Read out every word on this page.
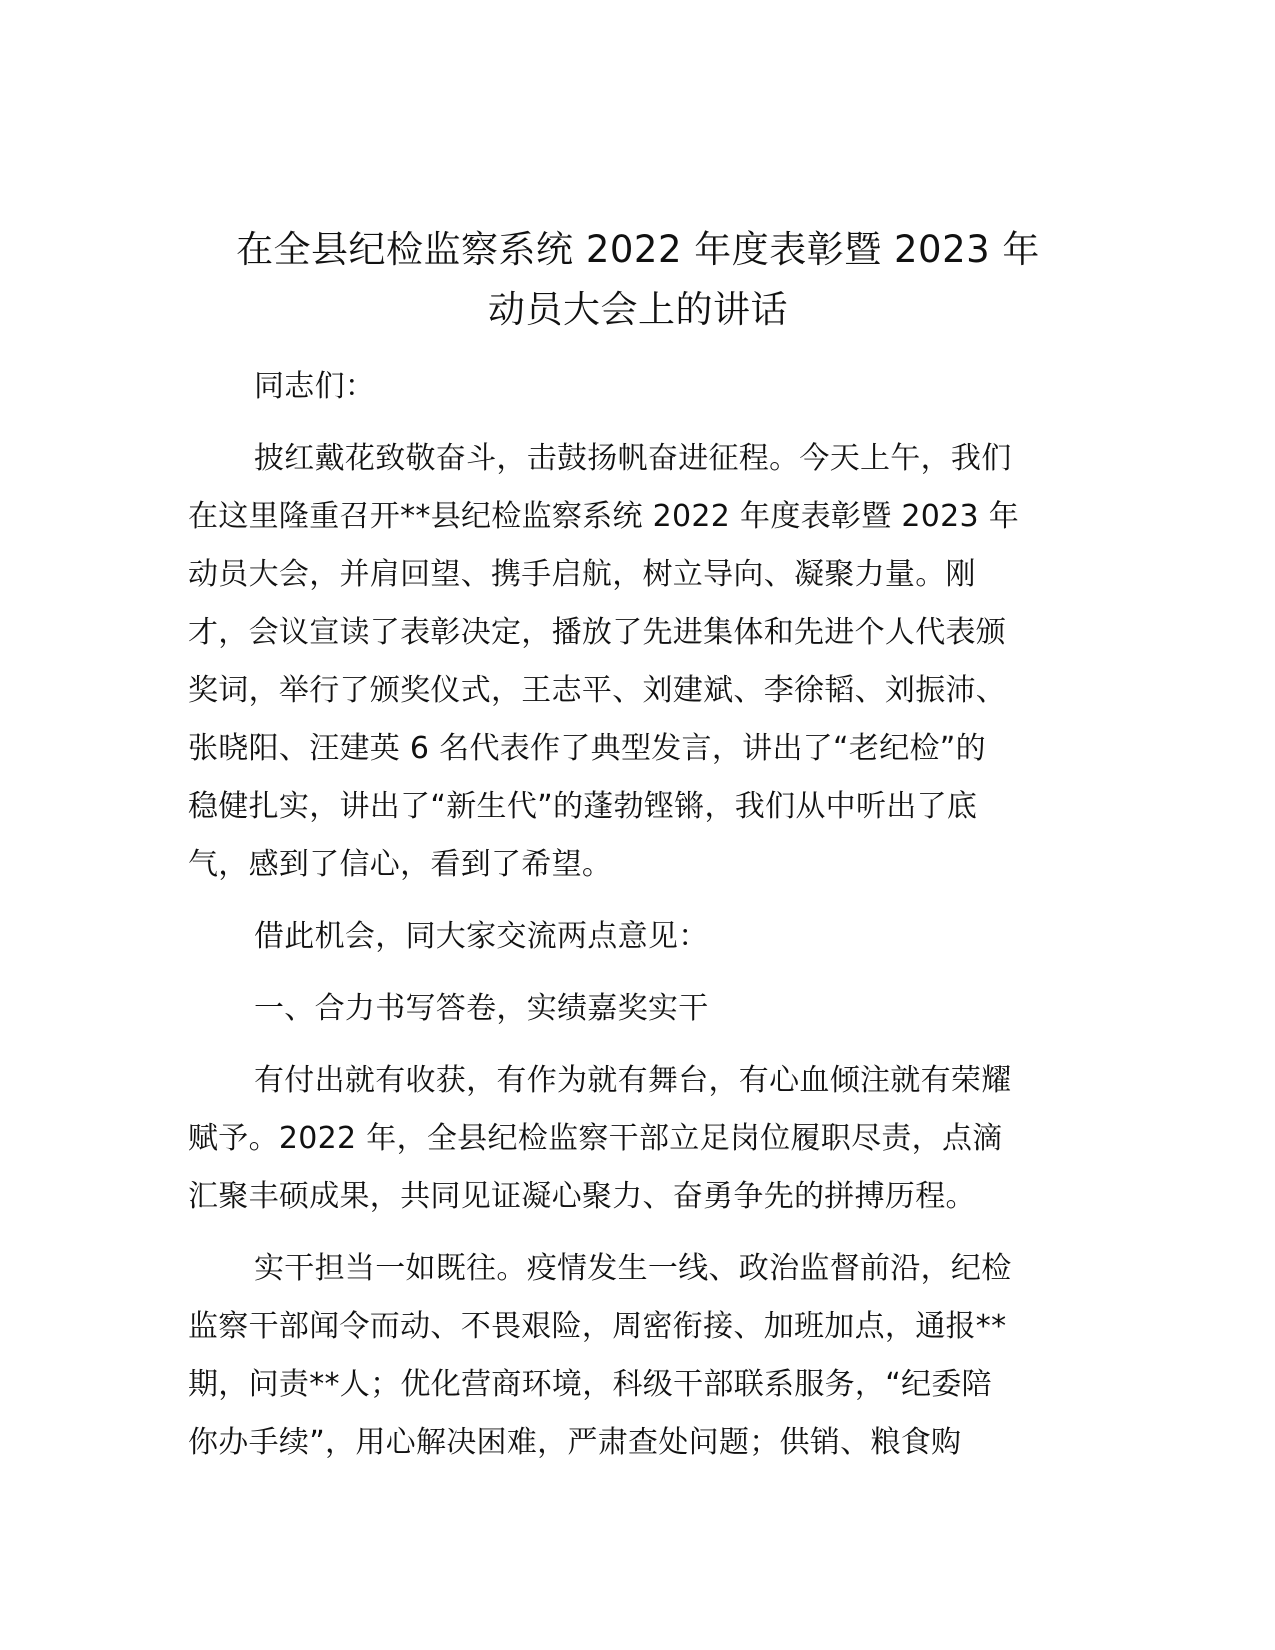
在全县纪检监察系统 2022 年度表彰暨 2023 年
动员大会上的讲话

同志们：

披红戴花致敬奋斗，击鼓扬帆奋进征程。今天上午，我们
在这里隆重召开**县纪检监察系统 2022 年度表彰暨 2023 年
动员大会，并肩回望、携手启航，树立导向、凝聚力量。刚
才，会议宣读了表彰决定，播放了先进集体和先进个人代表颁
奖词，举行了颁奖仪式，王志平、刘建斌、李徐韬、刘振沛、
张晓阳、汪建英 6 名代表作了典型发言，讲出了“老纪检”的
稳健扎实，讲出了“新生代”的蓬勃铿锵，我们从中听出了底
气，感到了信心，看到了希望。

借此机会，同大家交流两点意见：

一、合力书写答卷，实绩嘉奖实干

有付出就有收获，有作为就有舞台，有心血倾注就有荣耀
赋予。2022 年，全县纪检监察干部立足岗位履职尽责，点滴
汇聚丰硕成果，共同见证凝心聚力、奋勇争先的拼搏历程。

实干担当一如既往。疫情发生一线、政治监督前沿，纪检
监察干部闻令而动、不畏艰险，周密衔接、加班加点，通报**
期，问责**人；优化营商环境，科级干部联系服务，“纪委陪
你办手续”，用心解决困难，严肃查处问题；供销、粮食购
